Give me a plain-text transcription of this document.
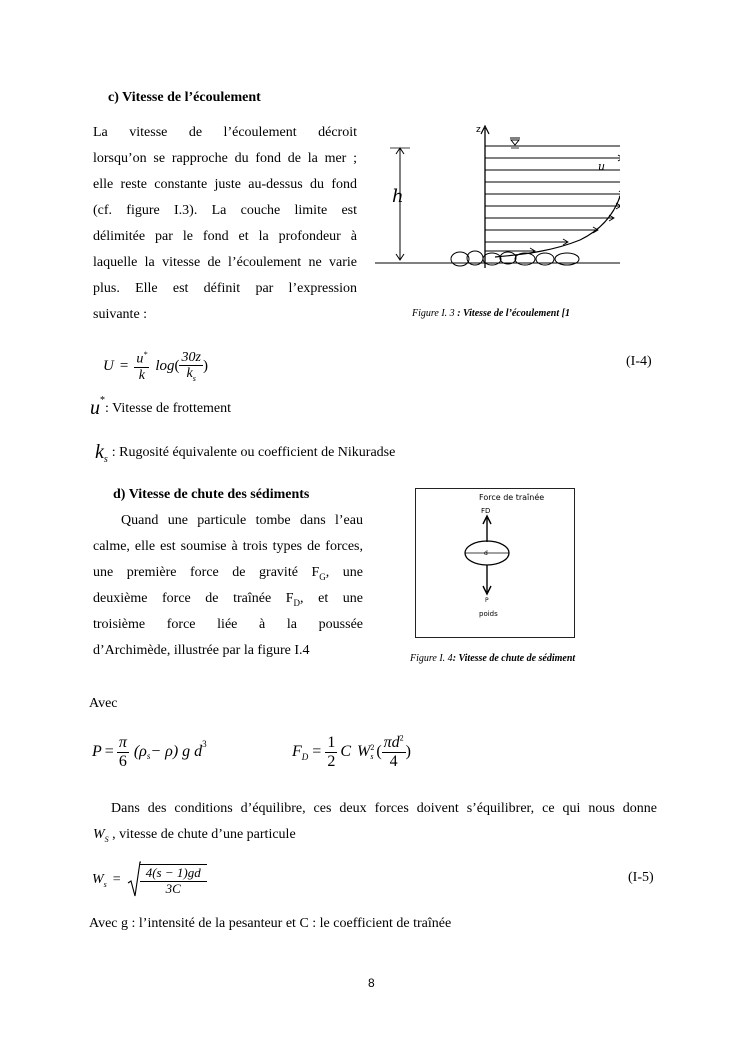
c) Vitesse de l’écoulement
La vitesse de l’écoulement décroit
lorsqu’on se rapproche du fond de la mer ;
elle reste constante juste au-dessus du fond
(cf. figure I.3). La couche limite est
délimitée par le fond et la profondeur à
laquelle la vitesse de l’écoulement ne varie
plus. Elle est définit par l’expression
suivante :
z
h
u
Figure I. 3 : Vitesse de l’écoulement [1
$U = \frac{u^*}{k}$ log ( $\frac{30z}{k_s}$ )	(I-4)
u *
: Vitesse de frottement
k s : Rugosité équivalente ou coefficient de Nikuradse
d) Vitesse de chute des sédiments
Quand une particule tombe dans l’eau
calme, elle est soumise à trois types de forces,
une première force de gravité $F_G$, une
deuxième force de traînée $F_D$, et une
troisième force liée à la poussée
d’Archimède, illustrée par la figure I.4
Force de traînée
FD
d
P
poids
Figure I. 4: Vitesse de chute de sédiment
Avec
$P = \frac{\pi}{6} (\rho_s - \rho)$ g $d^3$	$F_D = \frac{1}{2}$ C W 2
s ( $\frac{\pi d^2}{4}$ )
Dans des conditions d’équilibre, ces deux forces doivent s’équilibrer, ce qui nous donne
$W_S$ , vitesse de chute d’une particule
$W_s = \frac{4(s - 1)gd}{3C}$	(I-5)
Avec g : l’intensité de la pesanteur et C : le coefficient de traînée
8
